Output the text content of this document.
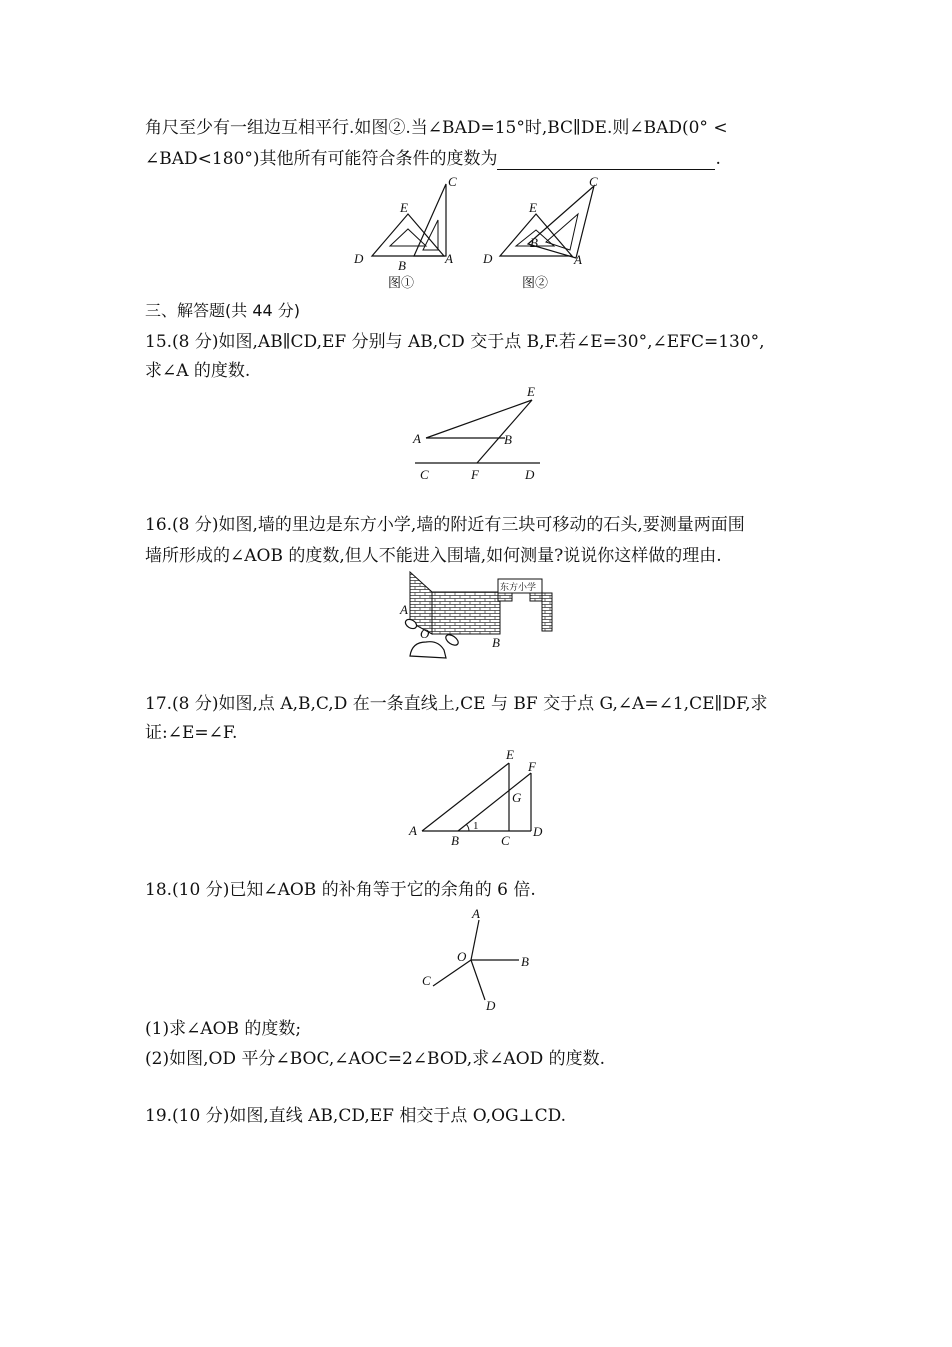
角尺至少有一组边互相平行.如图②.当∠BAD=15°时,BC∥DE.则∠BAD(0° <
∠BAD<180°)其他所有可能符合条件的度数为	.
C
E
D	B	A
图①
C
E
D
B
A
图②
三、解答题(共 44 分)
15.(8 分)如图,AB∥CD,EF 分别与 AB,CD 交于点 B,F.若∠E=30°,∠EFC=130°,
求∠A 的度数.
E
A	B
C	F	D
16.(8 分)如图,墙的里边是东方小学,墙的附近有三块可移动的石头,要测量两面围
墙所形成的∠AOB 的度数,但人不能进入围墙,如何测量?说说你这样做的理由.
东方小学
A
O
B
17.(8 分)如图,点 A,B,C,D 在一条直线上,CE 与 BF 交于点 G,∠A=∠1,CE∥DF,求
证:∠E=∠F.
E
F
G
A
B	C
D
1
18.(10 分)已知∠AOB 的补角等于它的余角的 6 倍.
A
O	B
C
D
(1)求∠AOB 的度数;
(2)如图,OD 平分∠BOC,∠AOC=2∠BOD,求∠AOD 的度数.
19.(10 分)如图,直线 AB,CD,EF 相交于点 O,OG⊥CD.
